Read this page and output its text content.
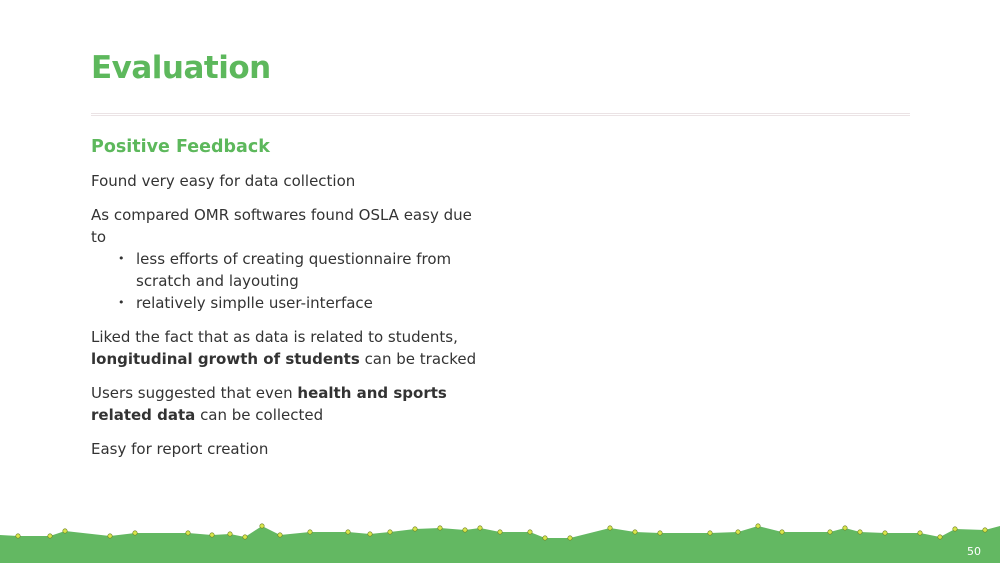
Evaluation
Positive Feedback
Found very easy for data collection
As compared OMR softwares found OSLA easy due to
• less efforts of creating questionnaire from scratch and layouting
• relatively simplle user-interface
Liked the fact that as data is related to students,
longitudinal growth of students can be tracked
Users suggested that even health and sports related data can be collected
Easy for report creation
50
